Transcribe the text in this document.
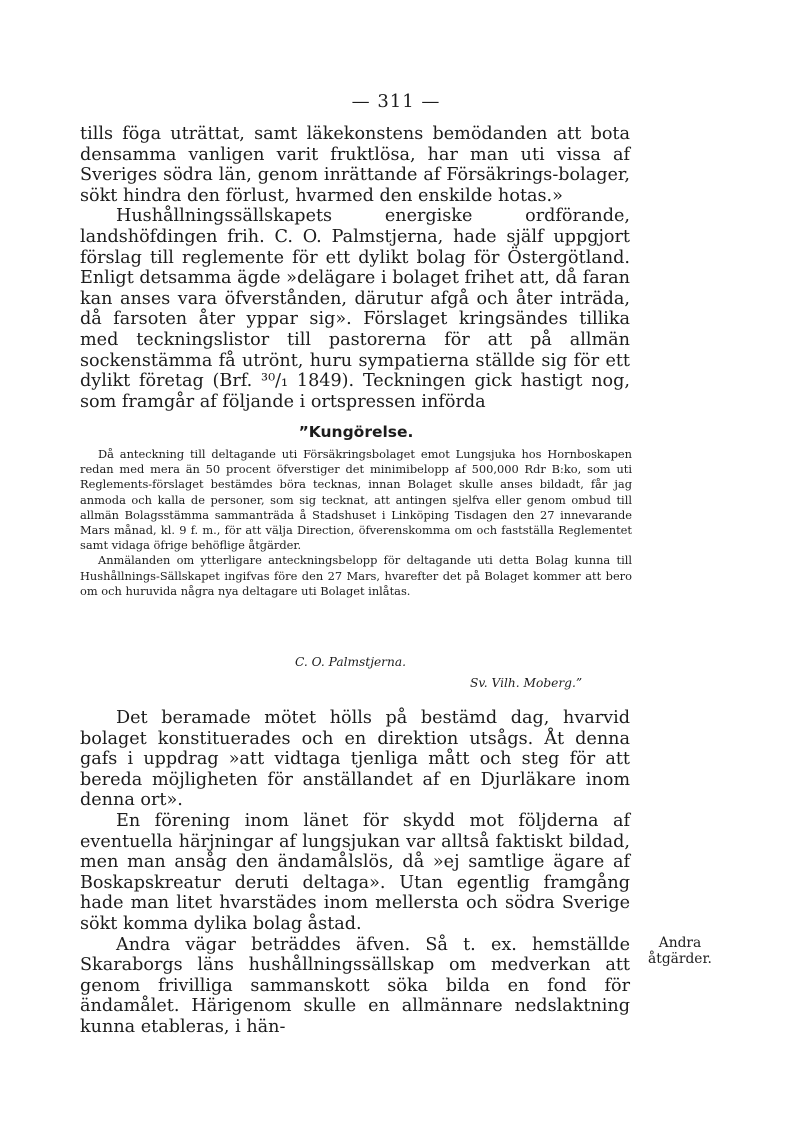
— 311 —

tills föga uträttat, samt läkekonstens bemödanden att bota densamma vanligen varit fruktlösa, har man uti vissa af Sveriges södra län, genom inrättande af Försäkrings-bolager, sökt hindra den förlust, hvarmed den enskilde hotas.»

Hushållningssällskapets energiske ordförande, landshöfdingen frih. C. O. Palmstjerna, hade själf uppgjort förslag till reglemente för ett dylikt bolag för Östergötland. Enligt detsamma ägde »delägare i bolaget frihet att, då faran kan anses vara öfverstånden, därutur afgå och åter inträda, då farsoten åter yppar sig». Förslaget kringsändes tillika med teckningslistor till pastorerna för att på allmän sockenstämma få utrönt, huru sympatierna ställde sig för ett dylikt företag (Brf. ³⁰/₁ 1849). Teckningen gick hastigt nog, som framgår af följande i ortspressen införda

”Kungörelse.

Då anteckning till deltagande uti Försäkringsbolaget emot Lungsjuka hos Hornboskapen redan med mera än 50 procent öfverstiger det minimibelopp af 500,000 Rdr B:ko, som uti Reglements-förslaget bestämdes böra tecknas, innan Bolaget skulle anses bildadt, får jag anmoda och kalla de personer, som sig tecknat, att antingen sjelfva eller genom ombud till allmän Bolagsstämma sammanträda å Stadshuset i Linköping Tisdagen den 27 innevarande Mars månad, kl. 9 f. m., för att välja Direction, öfverenskomma om och fastställa Reglementet samt vidaga öfrige behöflige åtgärder.

Anmälanden om ytterligare anteckningsbelopp för deltagande uti detta Bolag kunna till Hushållnings-Sällskapet ingifvas före den 27 Mars, hvarefter det på Bolaget kommer att bero om och huruvida några nya deltagare uti Bolaget inlåtas.

C. O. Palmstjerna.
Sv. Vilh. Moberg.”

Det beramade mötet hölls på bestämd dag, hvarvid bolaget konstituerades och en direktion utsågs. Åt denna gafs i uppdrag »att vidtaga tjenliga mått och steg för att bereda möjligheten för anställandet af en Djurläkare inom denna ort».

En förening inom länet för skydd mot följderna af eventuella härjningar af lungsjukan var alltså faktiskt bildad, men man ansåg den ändamålslös, då »ej samtlige ägare af Boskapskreatur deruti deltaga». Utan egentlig framgång hade man litet hvarstädes inom mellersta och södra Sverige sökt komma dylika bolag åstad.

Andra vägar beträddes äfven. Så t. ex. hemställde Skaraborgs läns hushållningssällskap om medverkan att genom frivilliga sammanskott söka bilda en fond för ändamålet. Härigenom skulle en allmännare nedslaktning kunna etableras, i hän-

Andra åtgärder.
